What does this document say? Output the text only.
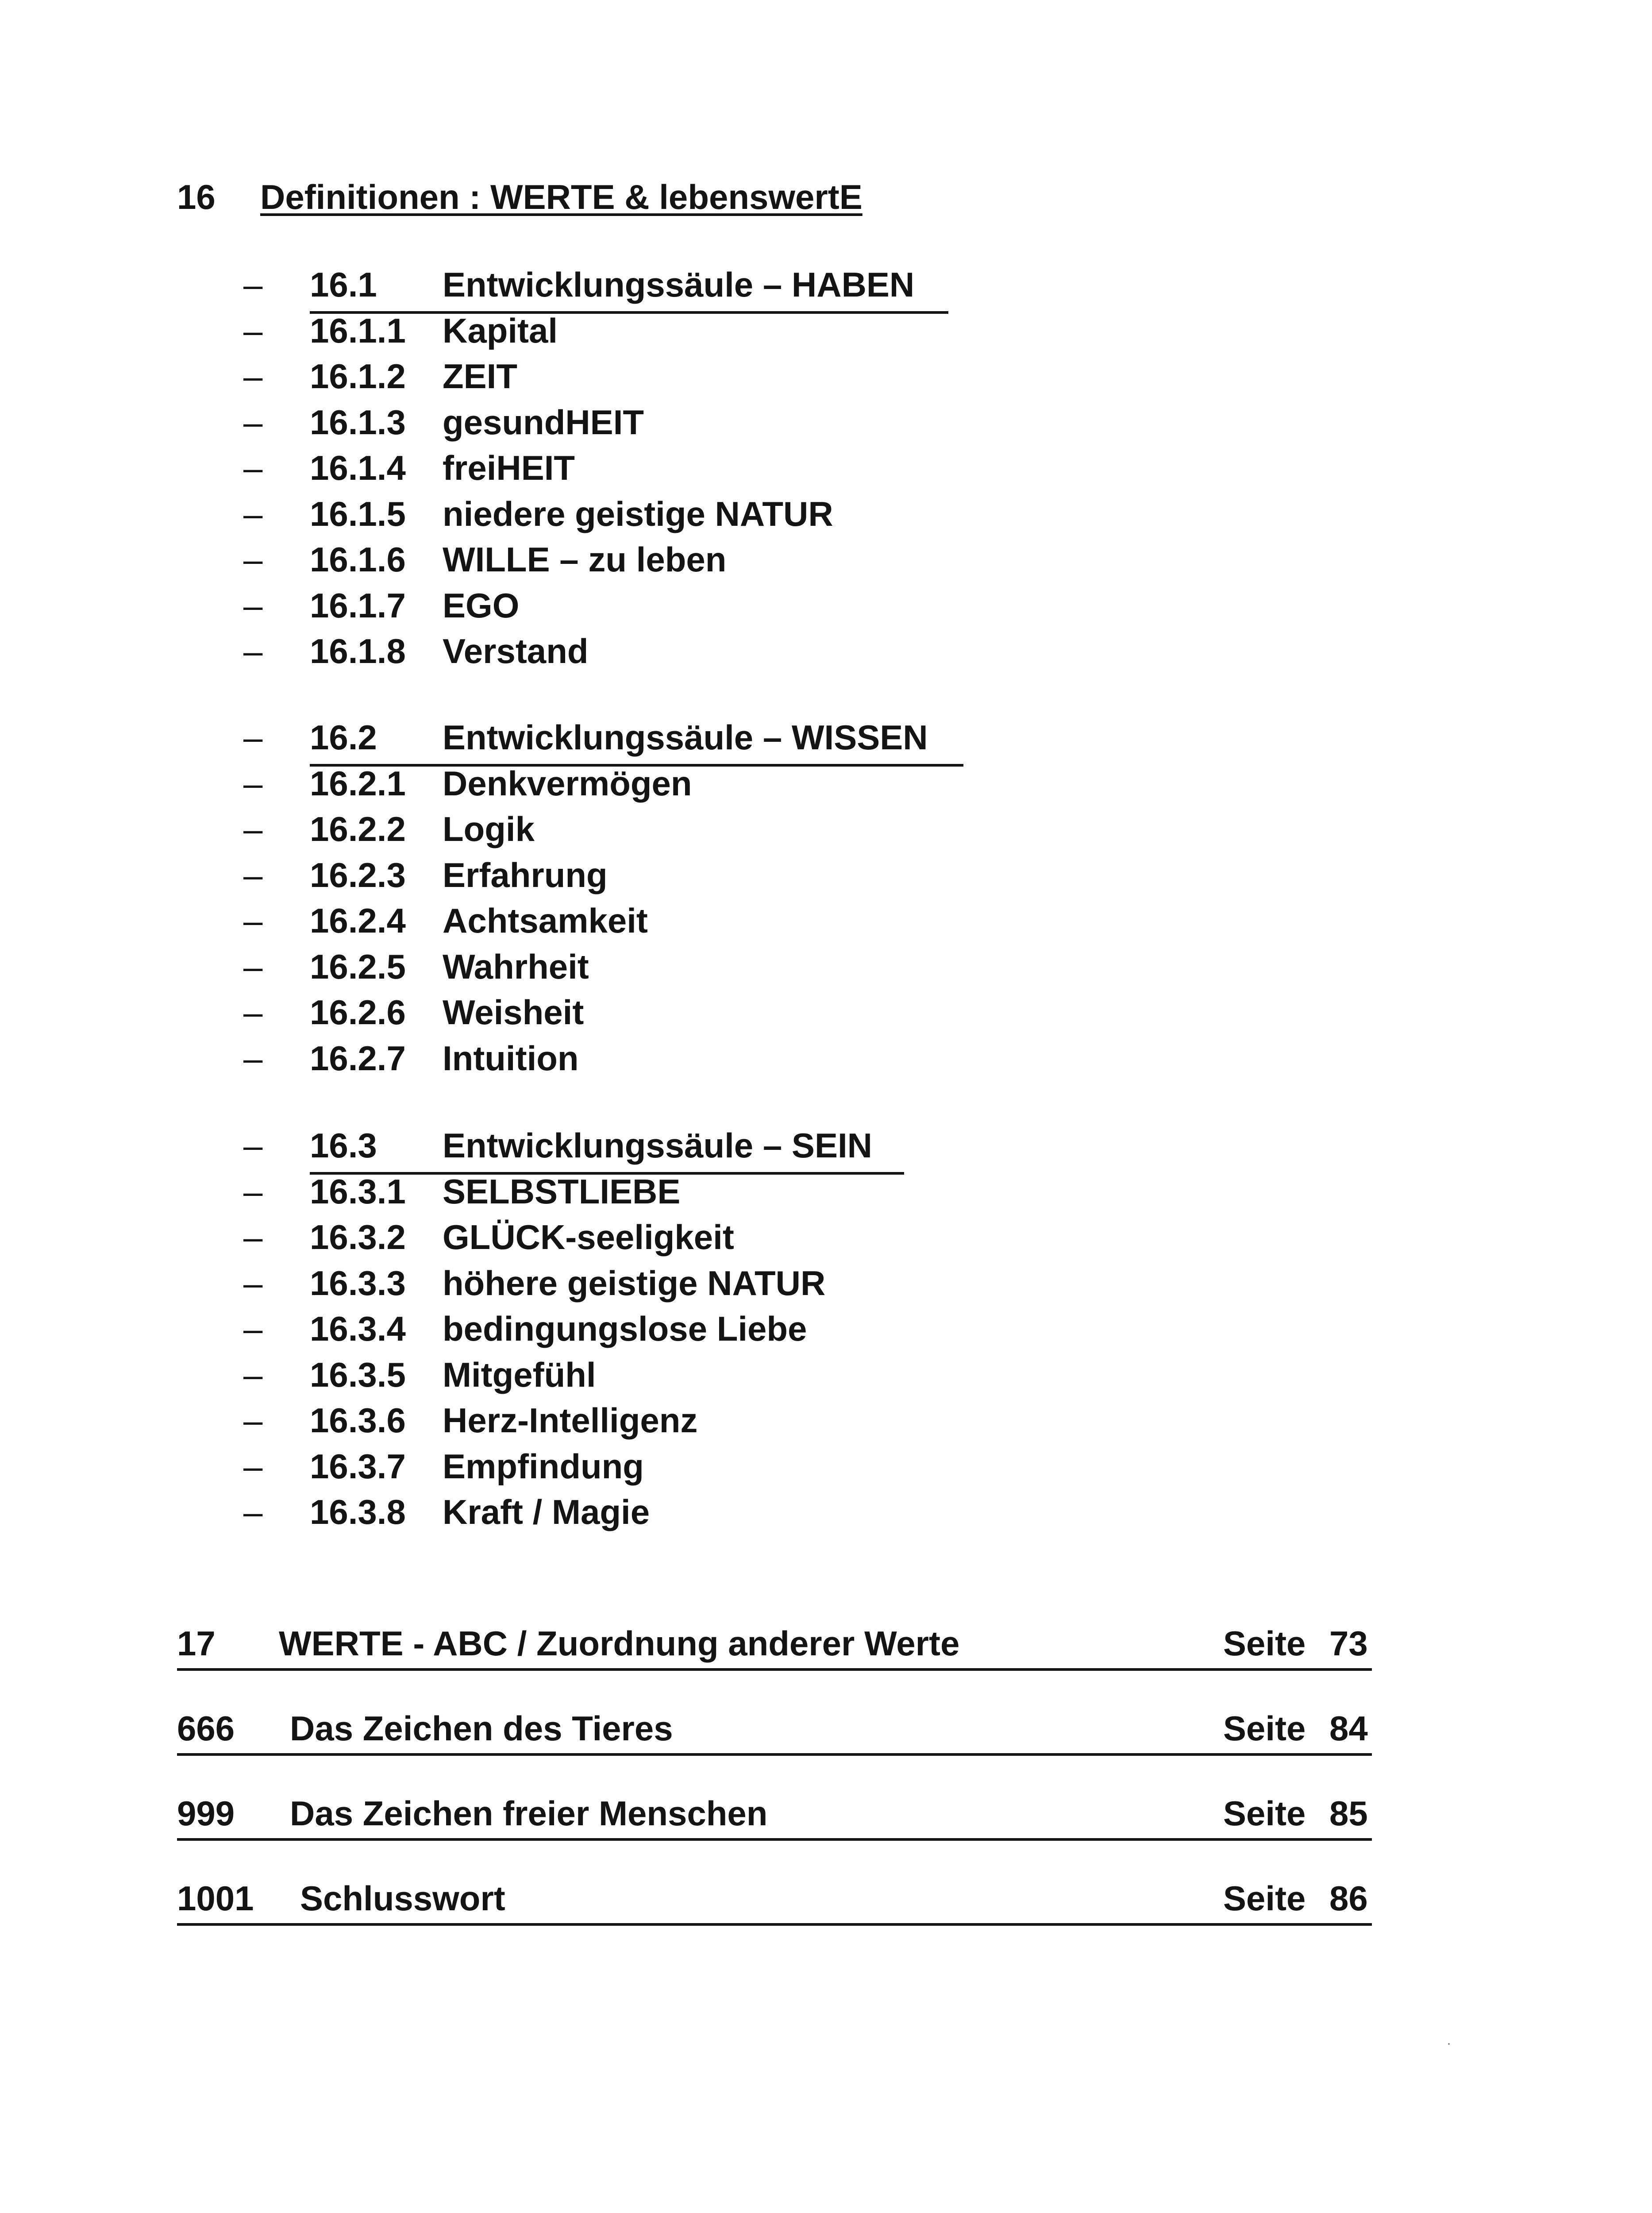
16 Definitionen : WERTE & lebenswertE
– 16.1 Entwicklungssäule – HABEN
– 16.1.1 Kapital
– 16.1.2 ZEIT
– 16.1.3 gesundHEIT
– 16.1.4 freiHEIT
– 16.1.5 niedere geistige NATUR
– 16.1.6 WILLE – zu leben
– 16.1.7 EGO
– 16.1.8 Verstand
– 16.2 Entwicklungssäule – WISSEN
– 16.2.1 Denkvermögen
– 16.2.2 Logik
– 16.2.3 Erfahrung
– 16.2.4 Achtsamkeit
– 16.2.5 Wahrheit
– 16.2.6 Weisheit
– 16.2.7 Intuition
– 16.3 Entwicklungssäule – SEIN
– 16.3.1 SELBSTLIEBE
– 16.3.2 GLÜCK-seeligkeit
– 16.3.3 höhere geistige NATUR
– 16.3.4 bedingungslose Liebe
– 16.3.5 Mitgefühl
– 16.3.6 Herz-Intelligenz
– 16.3.7 Empfindung
– 16.3.8 Kraft / Magie
17 WERTE - ABC / Zuordnung anderer Werte	Seite 73
666 Das Zeichen des Tieres	Seite 84
999 Das Zeichen freier Menschen	Seite 85
1001 Schlusswort	Seite 86
